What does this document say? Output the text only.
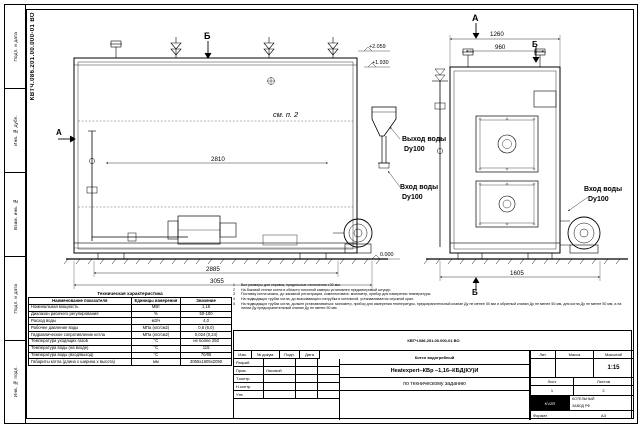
Подп. и дата
Инв. № дубл.
Взам. инв. №
Подп. и дата
Инв. № подл.
КВТЧ.086.201.00.000-01 ВО	Б
А
А
Б
Б
см. п. 2
2810
2885
3055
+2.059
+1.930
0.000
Выход воды
Dу100
Вход воды
Dу100
1260
960
1605
Вход воды
Dу100
1	Все размеры для справок, предельные отклонения ±30 мм.
2	На боковой стенке котла в области топочной камеры установлен предсмотровый штуцер.
3	Поставку котла можно, до заказной регистрации, комплектовать: монометр, прибор для измерения температуры.
4	На подводящих трубах котла, до всасывающего патрубка в котельной, устанавливается спускной кран.
5	На подводящих трубах котла, должен устанавливаться: монометр, прибор для измерения температуры, предохранительный клапан Ду не менее 50 мм и обратный клапан Ду не менее 50 мм, для котла Ду не менее 50 мм, а на линии Ду предохранительный клапан Ду не менее 50 мм.
Техническая характеристика
Наименование показателя	Единицы измерения	Значение
Номинальная мощность	МВт	1,16
Диапазон рабочего регулирования	%	50-100
Расход воды	м3/ч	4,0
Рабочее давление воды	МПа (кгс/см2)	0,6 (6,0)
Гидравлическое сопротивление котла	МПа (кгс/см2)	0,024 (0,24)
Температура уходящих газов	°С	не более 250
Температура воды (на входе)	°С	115
Температура воды (вход/выход)	°С	70/95
Габариты котла (длина х ширина х высота)	мм	3055х1605х2050
КВТЧ.086.201.00.000-01 ВО
Изм.	№ докум.	Подп.	Дата
Разраб.
Пров.
Т.контр.
Н.контр.
Утв.
Лисовой
Котел водогрейный
Heatexpert–КВр –1,16–КБД(КУ)И
по техническому заданию
Лит.	Масса	Масштаб
1:15
Лист	Листов
1	2
KVZR
КОТЕЛЬНЫЙ
ЗАВОД РФ
Формат	А3
